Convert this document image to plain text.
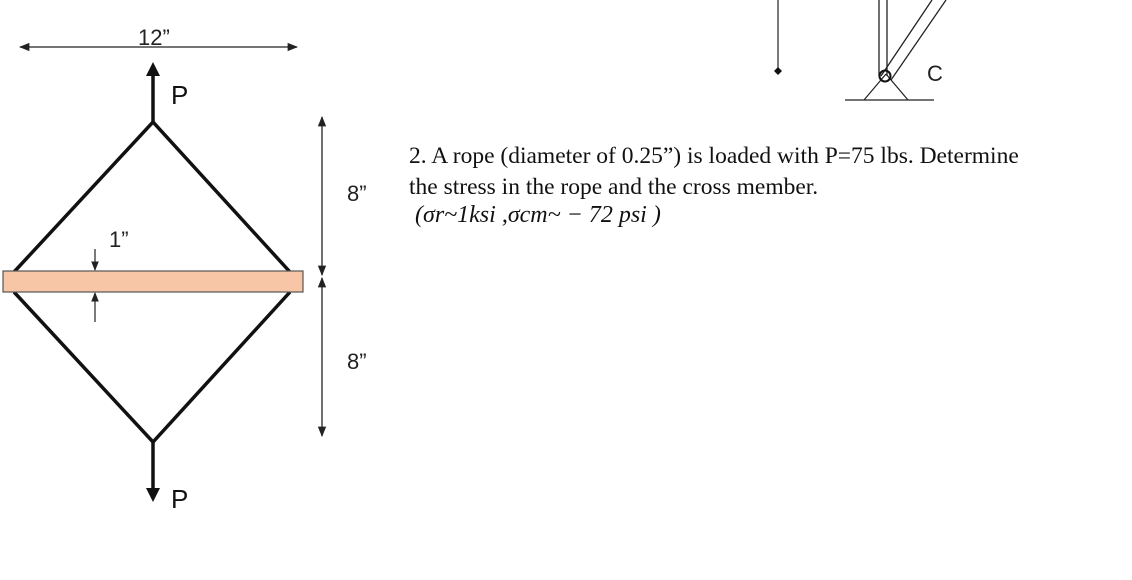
12”
P
1”
P
8”
8”
C
2. A rope (diameter of 0.25”) is loaded with P=75 lbs. Determine
the stress in the rope and the cross member.
(σr~1ksi ,σcm~ − 72 psi )
